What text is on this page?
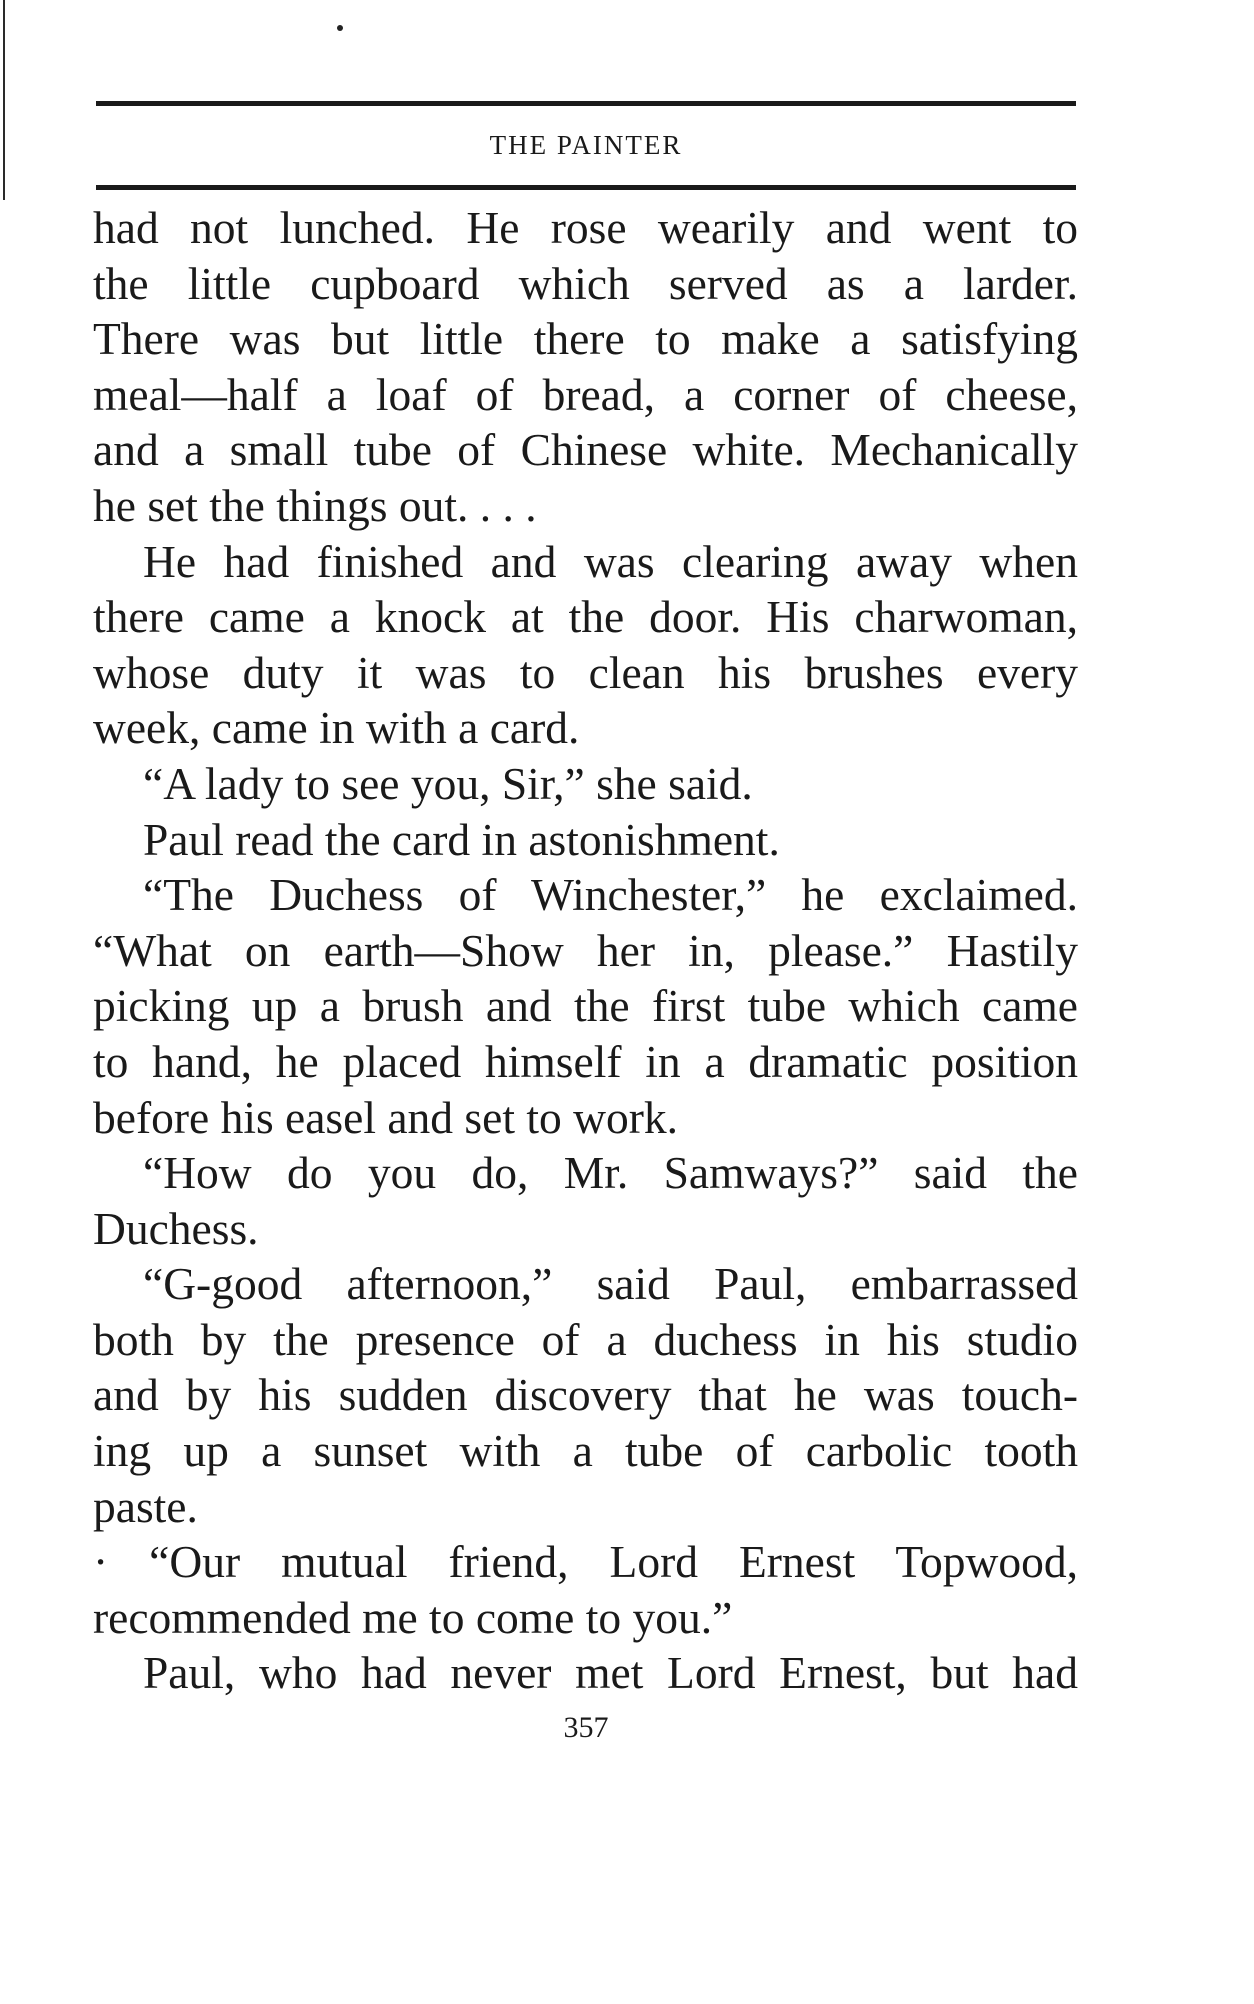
THE PAINTER
had not lunched. He rose wearily and went to
the little cupboard which served as a larder.
There was but little there to make a satisfying
meal—half a loaf of bread, a corner of cheese,
and a small tube of Chinese white. Mechanically
he set the things out. . . .
He had finished and was clearing away when
there came a knock at the door. His charwoman,
whose duty it was to clean his brushes every
week, came in with a card.
“A lady to see you, Sir,” she said.
Paul read the card in astonishment.
“The Duchess of Winchester,” he exclaimed.
“What on earth—Show her in, please.” Hastily
picking up a brush and the first tube which came
to hand, he placed himself in a dramatic position
before his easel and set to work.
“How do you do, Mr. Samways?” said the
Duchess.
“G-good afternoon,” said Paul, embarrassed
both by the presence of a duchess in his studio
and by his sudden discovery that he was touch-
ing up a sunset with a tube of carbolic tooth
paste.
· “Our mutual friend, Lord Ernest Topwood,
recommended me to come to you.”
Paul, who had never met Lord Ernest, but had
357
